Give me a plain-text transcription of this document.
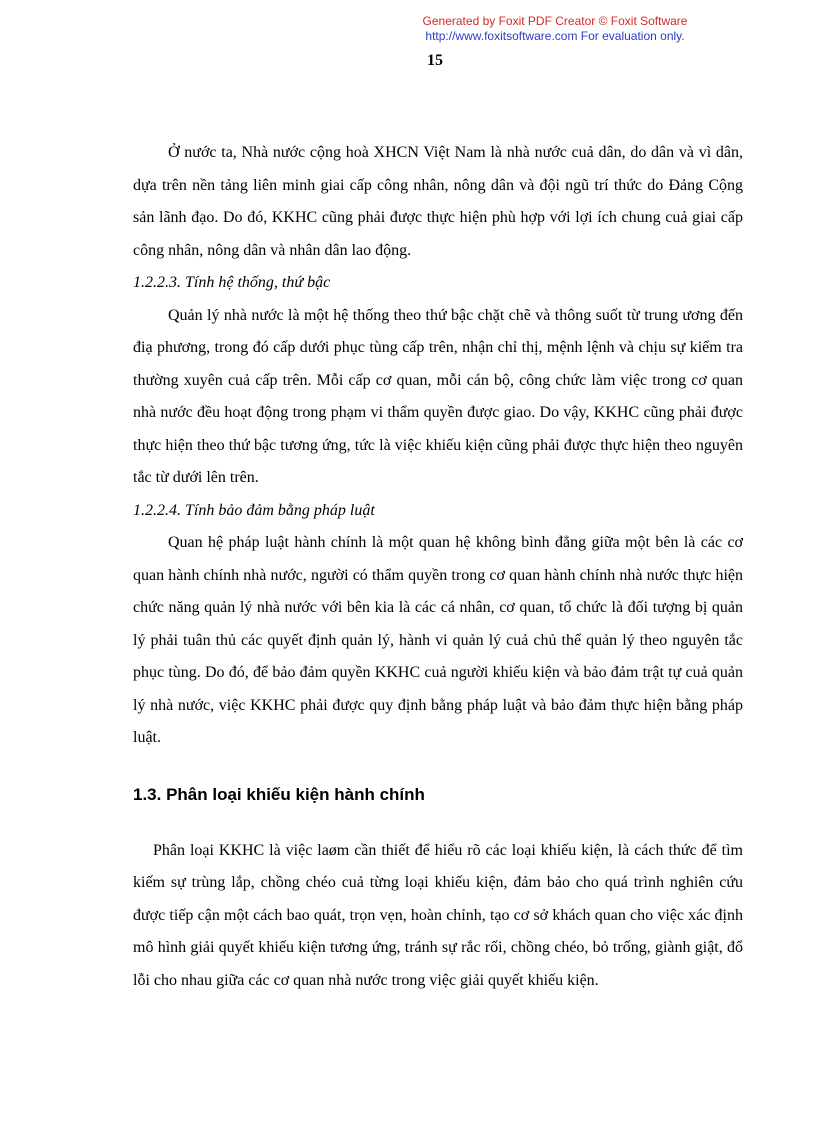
Generated by Foxit PDF Creator © Foxit Software
http://www.foxitsoftware.com For evaluation only.
15

Ở nước ta, Nhà nước cộng hoà XHCN Việt Nam là nhà nước cuả dân, do dân và vì dân, dựa trên nền tảng liên minh giai cấp công nhân, nông dân và đội ngũ trí thức do Đảng Cộng sản lãnh đạo. Do đó, KKHC cũng phải được thực hiện phù hợp với lợi ích chung cuả giai cấp công nhân, nông dân và nhân dân lao động.

1.2.2.3. Tính hệ thống, thứ bậc

Quản lý nhà nước là một hệ thống theo thứ bậc chặt chẽ và thông suốt từ trung ương đến điạ phương, trong đó cấp dưới phục tùng cấp trên, nhận chỉ thị, mệnh lệnh và chịu sự kiểm tra thường xuyên cuả cấp trên. Mỗi cấp cơ quan, mỗi cán bộ, công chức làm việc trong cơ quan nhà nước đều hoạt động trong phạm vi thẩm quyền được giao. Do vậy, KKHC cũng phải được thực hiện theo thứ bậc tương ứng, tức là việc khiếu kiện cũng phải được thực hiện theo nguyên tắc từ dưới lên trên.

1.2.2.4. Tính bảo đảm bằng pháp luật

Quan hệ pháp luật hành chính là một quan hệ không bình đẳng giữa một bên là các cơ quan hành chính nhà nước, người có thẩm quyền trong cơ quan hành chính nhà nước thực hiện chức năng quản lý nhà nước với bên kia là các cá nhân, cơ quan, tổ chức là đối tượng bị quản lý phải tuân thủ các quyết định quản lý, hành vi quản lý cuả chủ thể quản lý theo nguyên tắc phục tùng. Do đó, để bảo đảm quyền KKHC cuả người khiếu kiện và bảo đảm trật tự cuả quản lý nhà nước, việc KKHC phải được quy định bằng pháp luật và bảo đảm thực hiện bằng pháp luật.

1.3. Phân loại khiếu kiện hành chính

Phân loại KKHC là việc laøm cần thiết để hiểu rõ các loại khiếu kiện, là cách thức để tìm kiếm sự trùng lắp, chồng chéo cuả từng loại khiếu kiện, đảm bảo cho quá trình nghiên cứu được tiếp cận một cách bao quát, trọn vẹn, hoàn chỉnh, tạo cơ sở khách quan cho việc xác định mô hình giải quyết khiếu kiện tương ứng, tránh sự rắc rối, chồng chéo, bỏ trống, giành giật, đổ lỗi cho nhau giữa các cơ quan nhà nước trong việc giải quyết khiếu kiện.
